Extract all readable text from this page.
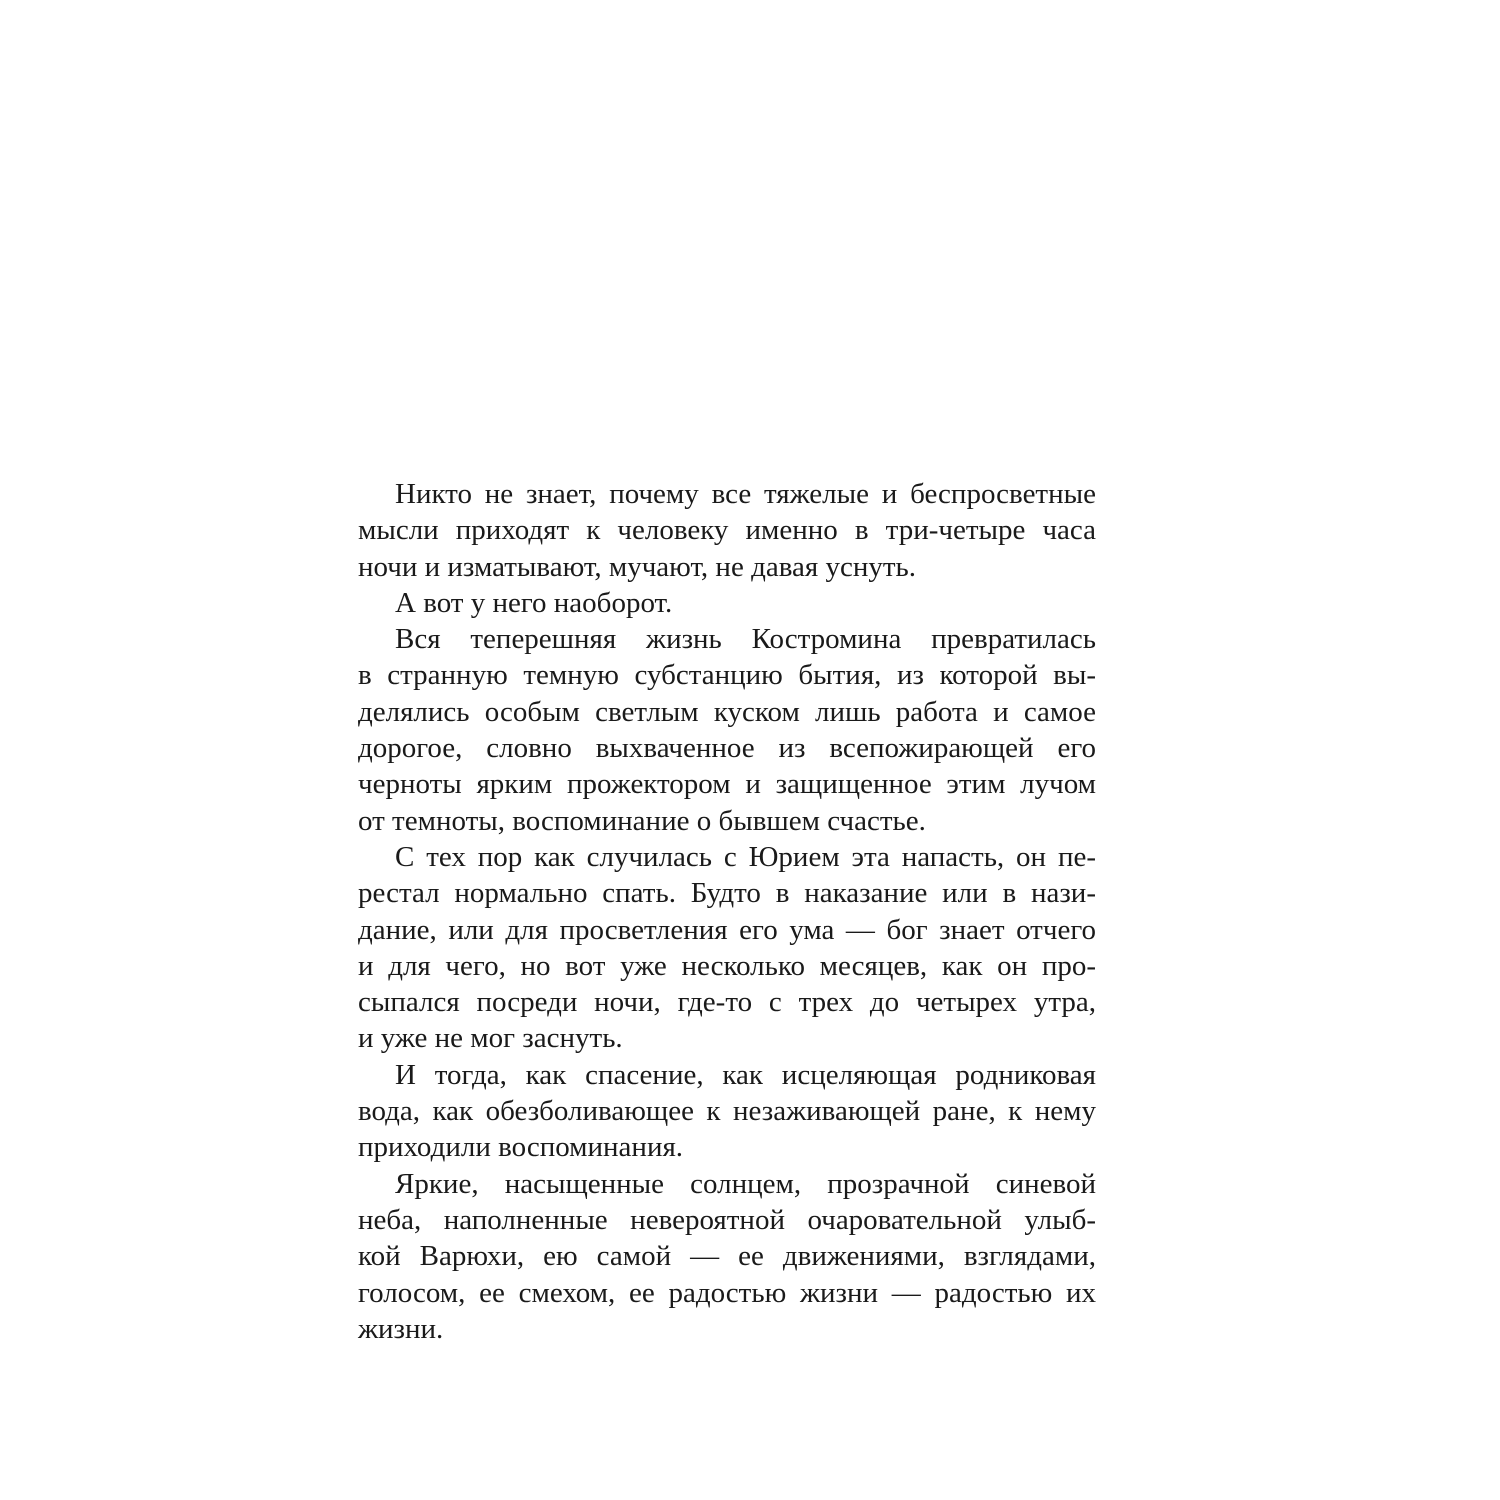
Никто не знает, почему все тяжелые и беспросветные
мысли приходят к человеку именно в три-четыре часа
ночи и изматывают, мучают, не давая уснуть.

А вот у него наоборот.

Вся теперешняя жизнь Костромина превратилась
в странную темную субстанцию бытия, из которой вы-
делялись особым светлым куском лишь работа и самое
дорогое, словно выхваченное из всепожирающей его
черноты ярким прожектором и защищенное этим лучом
от темноты, воспоминание о бывшем счастье.

С тех пор как случилась с Юрием эта напасть, он пе-
рестал нормально спать. Будто в наказание или в нази-
дание, или для просветления его ума — бог знает отчего
и для чего, но вот уже несколько месяцев, как он про-
сыпался посреди ночи, где-то с трех до четырех утра,
и уже не мог заснуть.

И тогда, как спасение, как исцеляющая родниковая
вода, как обезболивающее к незаживающей ране, к нему
приходили воспоминания.

Яркие, насыщенные солнцем, прозрачной синевой
неба, наполненные невероятной очаровательной улыб-
кой Варюхи, ею самой — ее движениями, взглядами,
голосом, ее смехом, ее радостью жизни — радостью их
жизни.
